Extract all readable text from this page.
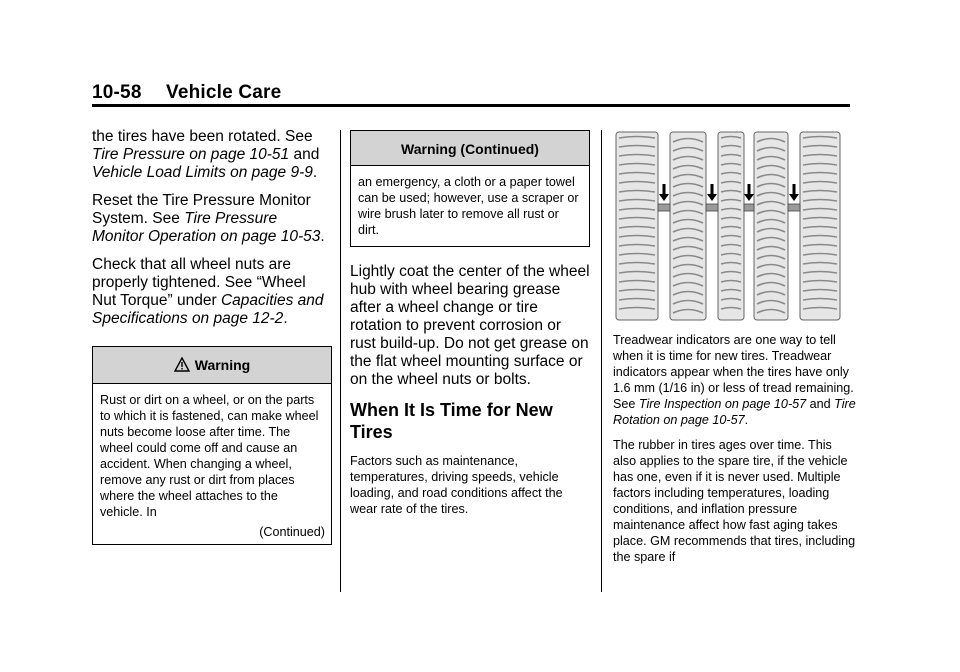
10-58 Vehicle Care

the tires have been rotated. See Tire Pressure on page 10-51 and Vehicle Load Limits on page 9-9.

Reset the Tire Pressure Monitor System. See Tire Pressure Monitor Operation on page 10-53.

Check that all wheel nuts are properly tightened. See “Wheel Nut Torque” under Capacities and Specifications on page 12-2.

Warning
Rust or dirt on a wheel, or on the parts to which it is fastened, can make wheel nuts become loose after time. The wheel could come off and cause an accident. When changing a wheel, remove any rust or dirt from places where the wheel attaches to the vehicle. In
(Continued)
Warning (Continued)
an emergency, a cloth or a paper towel can be used; however, use a scraper or wire brush later to remove all rust or dirt.

Lightly coat the center of the wheel hub with wheel bearing grease after a wheel change or tire rotation to prevent corrosion or rust build-up. Do not get grease on the flat wheel mounting surface or on the wheel nuts or bolts.

When It Is Time for New Tires

Factors such as maintenance, temperatures, driving speeds, vehicle loading, and road conditions affect the wear rate of the tires.

Treadwear indicators are one way to tell when it is time for new tires. Treadwear indicators appear when the tires have only 1.6 mm (1/16 in) or less of tread remaining. See Tire Inspection on page 10-57 and Tire Rotation on page 10-57.

The rubber in tires ages over time. This also applies to the spare tire, if the vehicle has one, even if it is never used. Multiple factors including temperatures, loading conditions, and inflation pressure maintenance affect how fast aging takes place. GM recommends that tires, including the spare if
